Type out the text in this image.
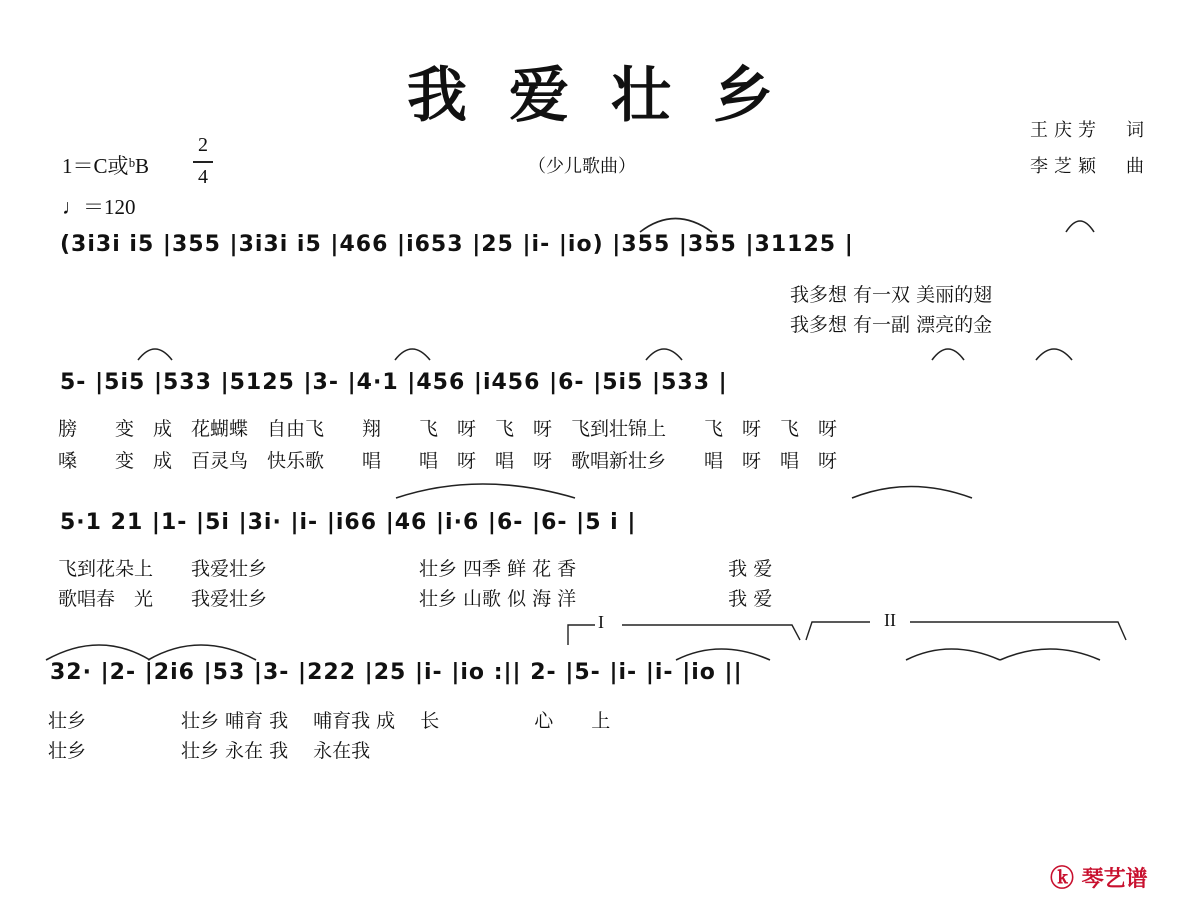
我爱壮乡	王庆芳　词
李芝颖　曲
1＝C或ᵇB
2
4
♩＝120
（少儿歌曲）
I	II
(3i3i i5 |355 |3i3i i5 |466 |i653 |25 |i- |io) |355 |355 |31125 |
我多想 有一双 美丽的翅
我多想 有一副 漂亮的金
5- |5i5 |533 |5125 |3- |4·1 |456 |i456 |6- |5i5 |533 |
膀　　变　成　花蝴蝶　自由飞　　翔　　飞　呀　飞　呀　飞到壮锦上　　飞　呀　飞　呀
嗓　　变　成　百灵鸟　快乐歌　　唱　　唱　呀　唱　呀　歌唱新壮乡　　唱　呀　唱　呀
5·1 21 |1- |5i |3i· |i- |i66 |46 |i·6 |6- |6- |5 i |
飞到花朵上　　我爱壮乡　　　　　　　　壮乡 四季 鲜 花 香　　　　　　　　我 爱
歌唱春　光　　我爱壮乡　　　　　　　　壮乡 山歌 似 海 洋　　　　　　　　我 爱
32· |2- |2i6 |53 |3- |222 |25 |i- |io :|| 2- |5- |i- |i- |io ||
壮乡　　　　　壮乡 哺育 我　 哺育我 成　 长　　　　　心　　上
壮乡　　　　　壮乡 永在 我　 永在我
ⓚ 琴艺谱
